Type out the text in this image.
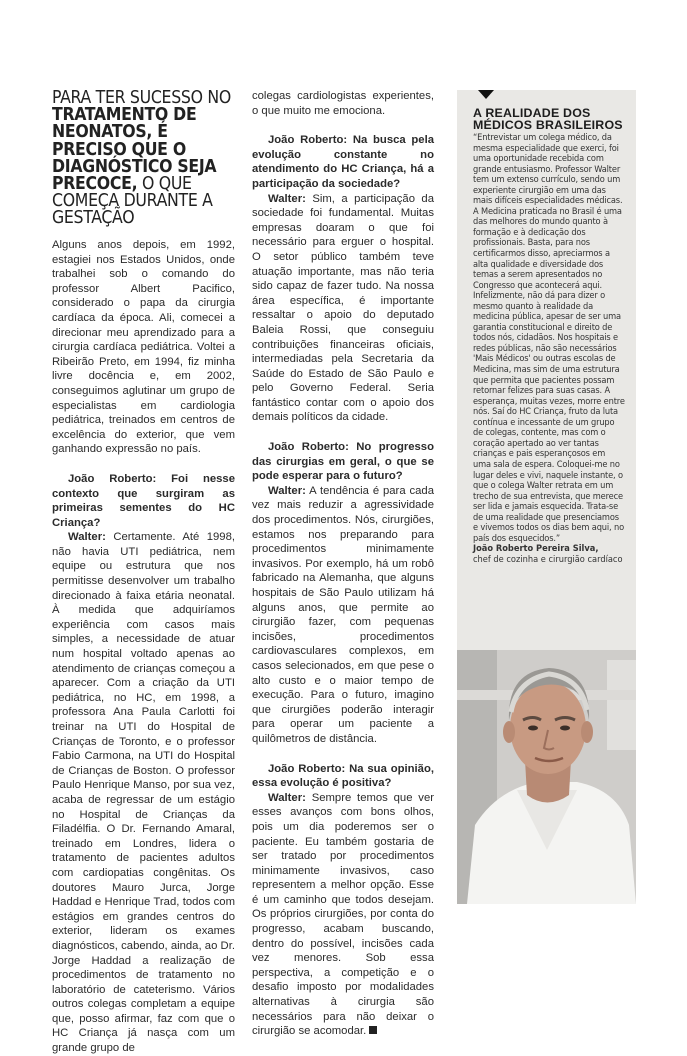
PARA TER SUCESSO NO TRATAMENTO DE NEONATOS, É PRECISO QUE O DIAGNÓSTICO SEJA PRECOCE, O QUE COMEÇA DURANTE A GESTAÇÃO

Alguns anos depois, em 1992, estagiei nos Estados Unidos, onde trabalhei sob o comando do professor Albert Pacifico, considerado o papa da cirurgia cardíaca da época. Ali, comecei a direcionar meu aprendizado para a cirurgia cardíaca pediátrica. Voltei a Ribeirão Preto, em 1994, fiz minha livre docência e, em 2002, conseguimos aglutinar um grupo de especialistas em cardiologia pediátrica, treinados em centros de excelência do exterior, que vem ganhando expressão no país.

João Roberto: Foi nesse contexto que surgiram as primeiras sementes do HC Criança?

Walter: Certamente. Até 1998, não havia UTI pediátrica, nem equipe ou estrutura que nos permitisse desenvolver um trabalho direcionado à faixa etária neonatal. À medida que adquiríamos experiência com casos mais simples, a necessidade de atuar num hospital voltado apenas ao atendimento de crianças começou a aparecer. Com a criação da UTI pediátrica, no HC, em 1998, a professora Ana Paula Carlotti foi treinar na UTI do Hospital de Crianças de Toronto, e o professor Fabio Carmona, na UTI do Hospital de Crianças de Boston. O professor Paulo Henrique Manso, por sua vez, acaba de regressar de um estágio no Hospital de Crianças da Filadélfia. O Dr. Fernando Amaral, treinado em Londres, lidera o tratamento de pacientes adultos com cardiopatias congênitas. Os doutores Mauro Jurca, Jorge Haddad e Henrique Trad, todos com estágios em grandes centros do exterior, lideram os exames diagnósticos, cabendo, ainda, ao Dr. Jorge Haddad a realização de procedimentos de tratamento no laboratório de cateterismo. Vários outros colegas completam a equipe que, posso afirmar, faz com que o HC Criança já nasça com um grande grupo de

colegas cardiologistas experientes, o que muito me emociona.

João Roberto: Na busca pela evolução constante no atendimento do HC Criança, há a participação da sociedade?

Walter: Sim, a participação da sociedade foi fundamental. Muitas empresas doaram o que foi necessário para erguer o hospital. O setor público também teve atuação importante, mas não teria sido capaz de fazer tudo. Na nossa área específica, é importante ressaltar o apoio do deputado Baleia Rossi, que conseguiu contribuições financeiras oficiais, intermediadas pela Secretaria da Saúde do Estado de São Paulo e pelo Governo Federal. Seria fantástico contar com o apoio dos demais políticos da cidade.

João Roberto: No progresso das cirurgias em geral, o que se pode esperar para o futuro?

Walter: A tendência é para cada vez mais reduzir a agressividade dos procedimentos. Nós, cirurgiões, estamos nos preparando para procedimentos minimamente invasivos. Por exemplo, há um robô fabricado na Alemanha, que alguns hospitais de São Paulo utilizam há alguns anos, que permite ao cirurgião fazer, com pequenas incisões, procedimentos cardiovasculares complexos, em casos selecionados, em que pese o alto custo e o maior tempo de execução. Para o futuro, imagino que cirurgiões poderão interagir para operar um paciente a quilômetros de distância.

João Roberto: Na sua opinião, essa evolução é positiva?

Walter: Sempre temos que ver esses avanços com bons olhos, pois um dia poderemos ser o paciente. Eu também gostaria de ser tratado por procedimentos minimamente invasivos, caso representem a melhor opção. Esse é um caminho que todos desejam. Os próprios cirurgiões, por conta do progresso, acabam buscando, dentro do possível, incisões cada vez menores. Sob essa perspectiva, a competição e o desafio imposto por modalidades alternativas à cirurgia são necessários para não deixar o cirurgião se acomodar.

A REALIDADE DOS MÉDICOS BRASILEIROS
“Entrevistar um colega médico, da mesma especialidade que exerci, foi uma oportunidade recebida com grande entusiasmo. Professor Walter tem um extenso currículo, sendo um experiente cirurgião em uma das mais difíceis especialidades médicas. A Medicina praticada no Brasil é uma das melhores do mundo quanto à formação e à dedicação dos profissionais. Basta, para nos certificarmos disso, apreciarmos a alta qualidade e diversidade dos temas a serem apresentados no Congresso que acontecerá aqui. Infelizmente, não dá para dizer o mesmo quanto à realidade da medicina pública, apesar de ser uma garantia constitucional e direito de todos nós, cidadãos. Nos hospitais e redes públicas, não são necessários 'Mais Médicos' ou outras escolas de Medicina, mas sim de uma estrutura que permita que pacientes possam retornar felizes para suas casas. A esperança, muitas vezes, morre entre nós. Saí do HC Criança, fruto da luta contínua e incessante de um grupo de colegas, contente, mas com o coração apertado ao ver tantas crianças e pais esperançosos em uma sala de espera. Coloquei-me no lugar deles e vivi, naquele instante, o que o colega Walter retrata em um trecho de sua entrevista, que merece ser lida e jamais esquecida. Trata-se de uma realidade que presenciamos e vivemos todos os dias bem aqui, no país dos esquecidos.”
João Roberto Pereira Silva,
chef de cozinha e cirurgião cardíaco
